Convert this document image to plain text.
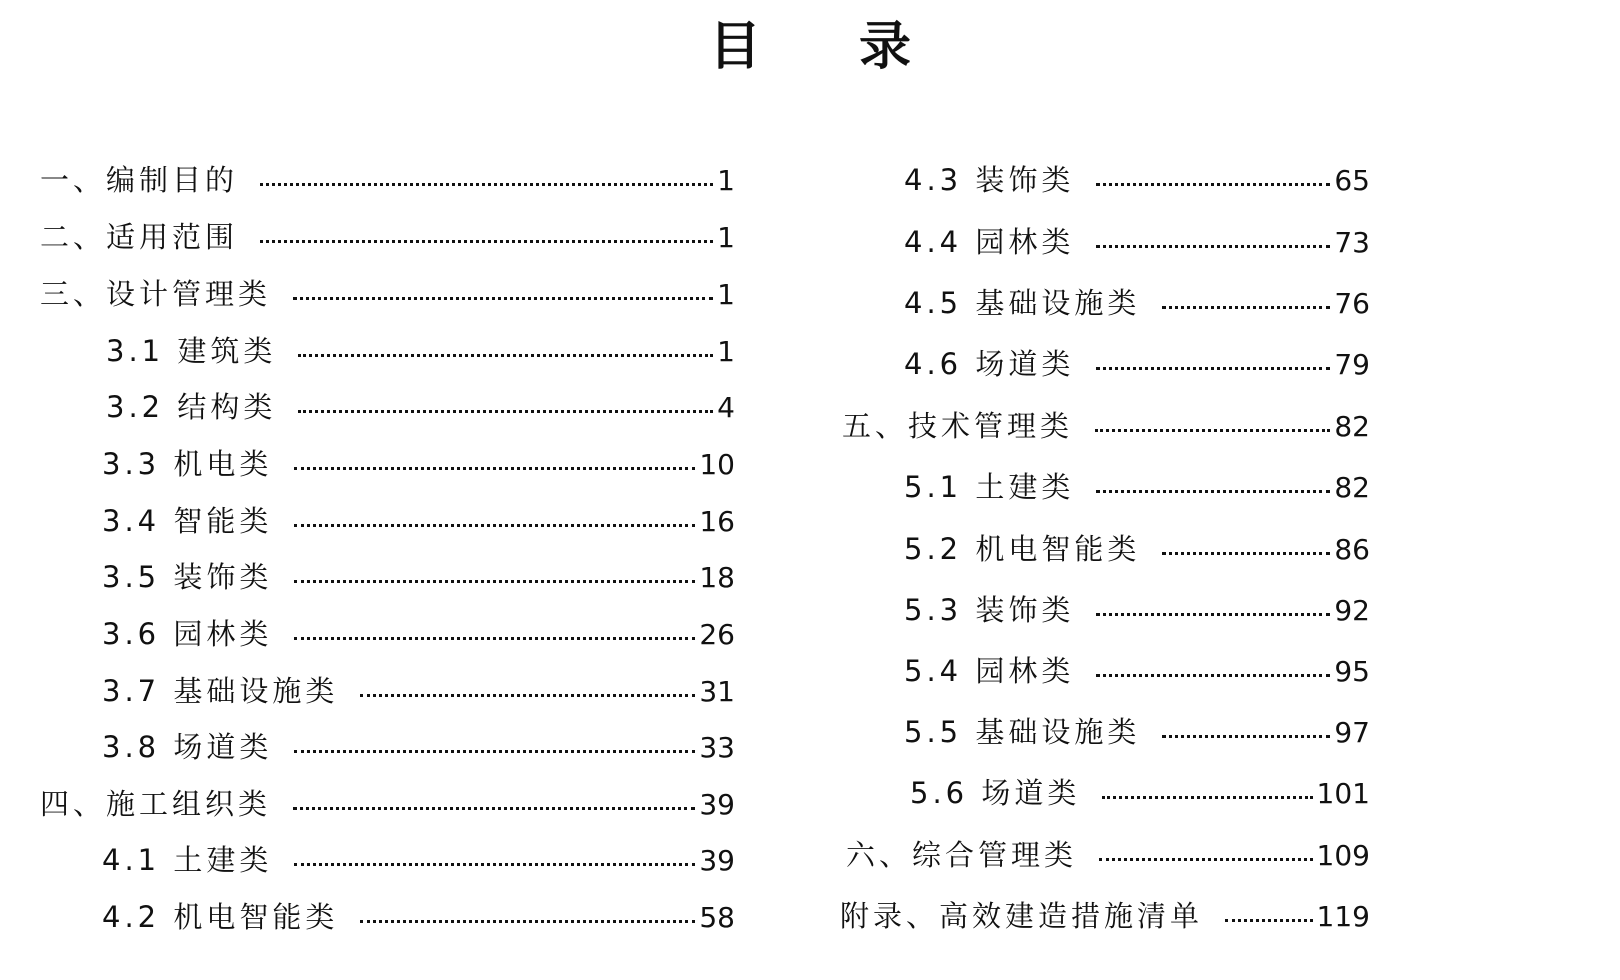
目 录
一、编制目的	1
二、适用范围	1
三、设计管理类	1
3.1 建筑类	1
3.2 结构类	4
3.3 机电类	10
3.4 智能类	16
3.5 装饰类	18
3.6 园林类	26
3.7 基础设施类	31
3.8 场道类	33
四、施工组织类	39
4.1 土建类	39
4.2 机电智能类	58
4.3 装饰类	65
4.4 园林类	73
4.5 基础设施类	76
4.6 场道类	79
五、技术管理类	82
5.1 土建类	82
5.2 机电智能类	86
5.3 装饰类	92
5.4 园林类	95
5.5 基础设施类	97
5.6 场道类	101
六、综合管理类	109
附录、高效建造措施清单	119
